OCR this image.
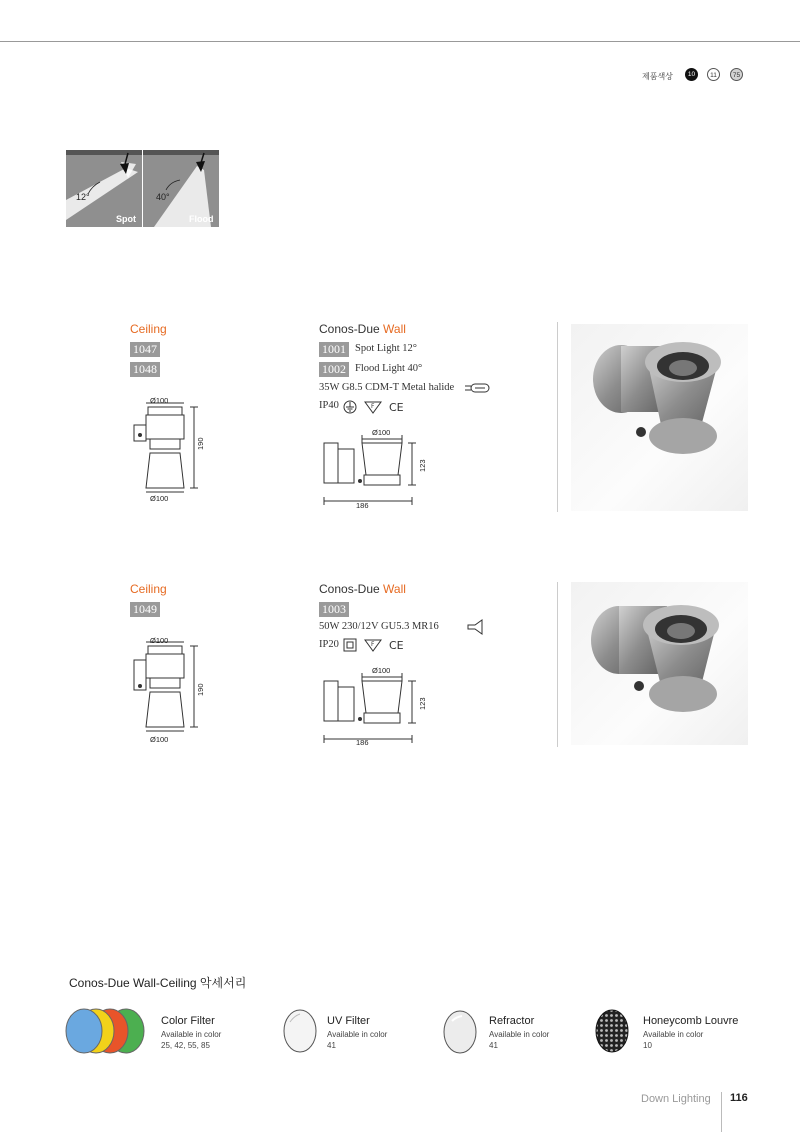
제품색상	10	11	75
12°
Spot
40°
Flood
Ceiling
1047
1048
Ø100
Ø100
190
Conos-Due Wall
1001 Spot Light 12°
1002 Flood Light 40°
35W G8.5 CDM-T Metal halide
IP40	F CE
Ø100
123
186
Ceiling
1049
Ø100
Ø100
190
Conos-Due Wall
1003
50W 230/12V GU5.3 MR16
IP20	F CE
Ø100
123
186
Conos-Due Wall-Ceiling 악세서리
Color Filter
Available in color
25, 42, 55, 85
UV Filter
Available in color
41
Refractor
Available in color
41
Honeycomb Louvre
Available in color
10
Down Lighting 116
